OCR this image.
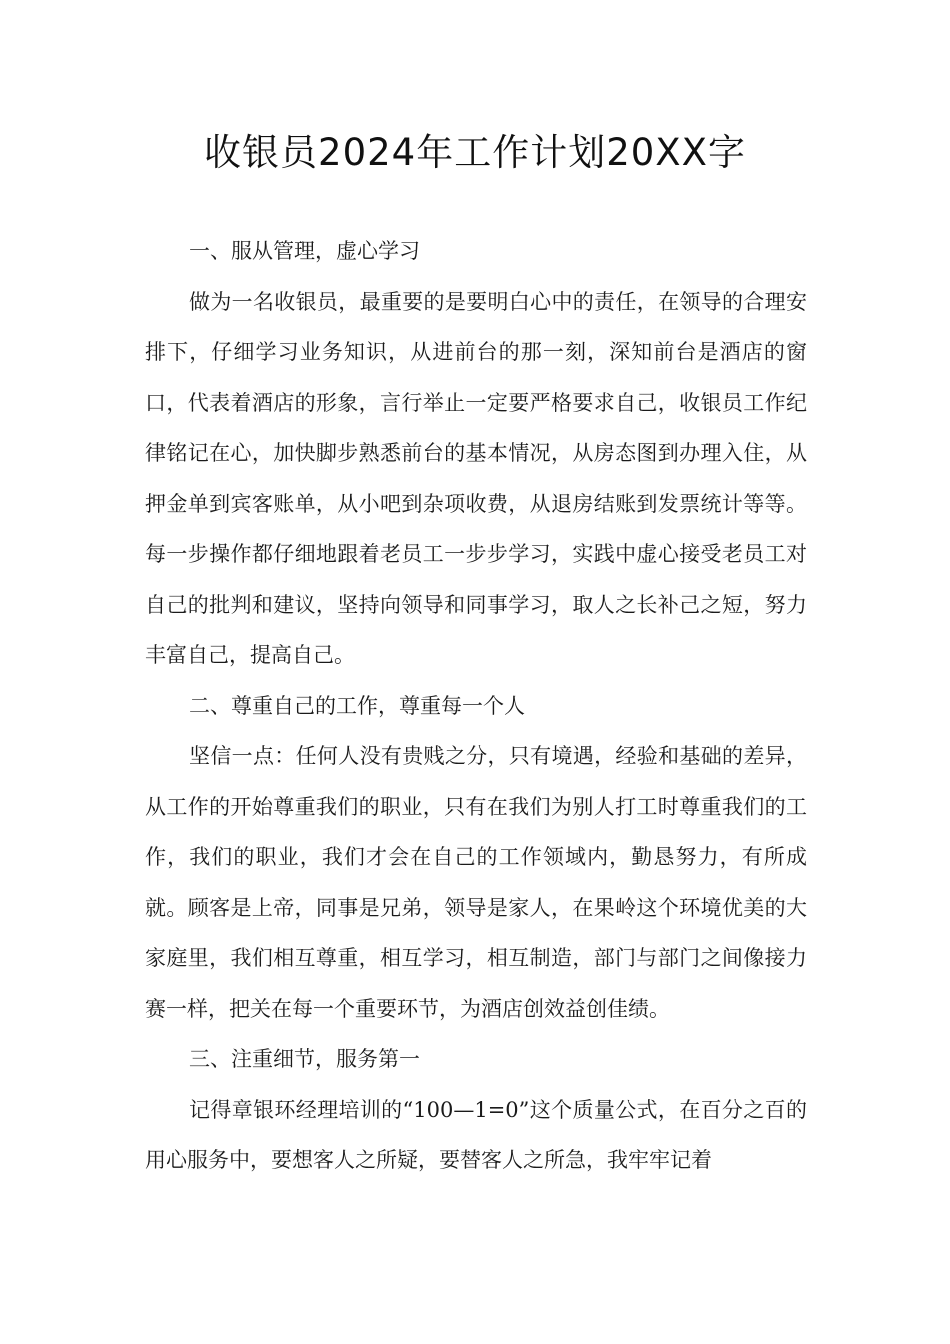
收银员2024年工作计划20XX字

一、服从管理，虚心学习

做为一名收银员，最重要的是要明白心中的责任，在领导的合理安排下，仔细学习业务知识，从进前台的那一刻，深知前台是酒店的窗口，代表着酒店的形象，言行举止一定要严格要求自己，收银员工作纪律铭记在心，加快脚步熟悉前台的基本情况，从房态图到办理入住，从押金单到宾客账单，从小吧到杂项收费，从退房结账到发票统计等等。每一步操作都仔细地跟着老员工一步步学习，实践中虚心接受老员工对自己的批判和建议，坚持向领导和同事学习，取人之长补己之短，努力丰富自己，提高自己。

二、尊重自己的工作，尊重每一个人

坚信一点：任何人没有贵贱之分，只有境遇，经验和基础的差异，从工作的开始尊重我们的职业，只有在我们为别人打工时尊重我们的工作，我们的职业，我们才会在自己的工作领域内，勤恳努力，有所成就。顾客是上帝，同事是兄弟，领导是家人，在果岭这个环境优美的大家庭里，我们相互尊重，相互学习，相互制造，部门与部门之间像接力赛一样，把关在每一个重要环节，为酒店创效益创佳绩。

三、注重细节，服务第一

记得章银环经理培训的“100—1=0”这个质量公式，在百分之百的用心服务中，要想客人之所疑，要替客人之所急，我牢牢记着
